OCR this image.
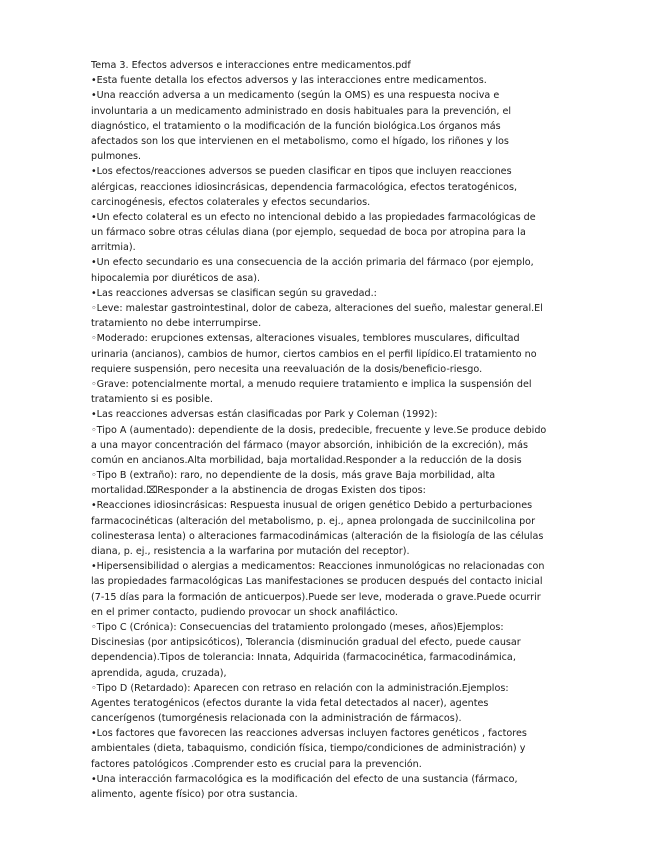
Tema 3. Efectos adversos e interacciones entre medicamentos.pdf
•Esta fuente detalla los efectos adversos y las interacciones entre medicamentos.
•Una reacción adversa a un medicamento (según la OMS) es una respuesta nociva e
involuntaria a un medicamento administrado en dosis habituales para la prevención, el
diagnóstico, el tratamiento o la modificación de la función biológica.Los órganos más
afectados son los que intervienen en el metabolismo, como el hígado, los riñones y los
pulmones.
•Los efectos/reacciones adversos se pueden clasificar en tipos que incluyen reacciones
alérgicas, reacciones idiosincrásicas, dependencia farmacológica, efectos teratogénicos,
carcinogénesis, efectos colaterales y efectos secundarios.
•Un efecto colateral es un efecto no intencional debido a las propiedades farmacológicas de
un fármaco sobre otras células diana (por ejemplo, sequedad de boca por atropina para la
arritmia).
•Un efecto secundario es una consecuencia de la acción primaria del fármaco (por ejemplo,
hipocalemia por diuréticos de asa).
•Las reacciones adversas se clasifican según su gravedad.:
◦Leve: malestar gastrointestinal, dolor de cabeza, alteraciones del sueño, malestar general.El
tratamiento no debe interrumpirse.
◦Moderado: erupciones extensas, alteraciones visuales, temblores musculares, dificultad
urinaria (ancianos), cambios de humor, ciertos cambios en el perfil lipídico.El tratamiento no
requiere suspensión, pero necesita una reevaluación de la dosis/beneficio-riesgo.
◦Grave: potencialmente mortal, a menudo requiere tratamiento e implica la suspensión del
tratamiento si es posible.
•Las reacciones adversas están clasificadas por Park y Coleman (1992):
◦Tipo A (aumentado): dependiente de la dosis, predecible, frecuente y leve.Se produce debido
a una mayor concentración del fármaco (mayor absorción, inhibición de la excreción), más
común en ancianos.Alta morbilidad, baja mortalidad.Responder a la reducción de la dosis
◦Tipo B (extraño): raro, no dependiente de la dosis, más grave Baja morbilidad, alta
mortalidad.⌧Responder a la abstinencia de drogas Existen dos tipos:
•Reacciones idiosincrásicas: Respuesta inusual de origen genético Debido a perturbaciones
farmacocinéticas (alteración del metabolismo, p. ej., apnea prolongada de succinilcolina por
colinesterasa lenta) o alteraciones farmacodinámicas (alteración de la fisiología de las células
diana, p. ej., resistencia a la warfarina por mutación del receptor).
•Hipersensibilidad o alergias a medicamentos: Reacciones inmunológicas no relacionadas con
las propiedades farmacológicas Las manifestaciones se producen después del contacto inicial
(7-15 días para la formación de anticuerpos).Puede ser leve, moderada o grave.Puede ocurrir
en el primer contacto, pudiendo provocar un shock anafiláctico.
◦Tipo C (Crónica): Consecuencias del tratamiento prolongado (meses, años)Ejemplos:
Discinesias (por antipsicóticos), Tolerancia (disminución gradual del efecto, puede causar
dependencia).Tipos de tolerancia: Innata, Adquirida (farmacocinética, farmacodinámica,
aprendida, aguda, cruzada),
◦Tipo D (Retardado): Aparecen con retraso en relación con la administración.Ejemplos:
Agentes teratogénicos (efectos durante la vida fetal detectados al nacer), agentes
cancerígenos (tumorgénesis relacionada con la administración de fármacos).
•Los factores que favorecen las reacciones adversas incluyen factores genéticos , factores
ambientales (dieta, tabaquismo, condición física, tiempo/condiciones de administración) y
factores patológicos .Comprender esto es crucial para la prevención.
•Una interacción farmacológica es la modificación del efecto de una sustancia (fármaco,
alimento, agente físico) por otra sustancia.
